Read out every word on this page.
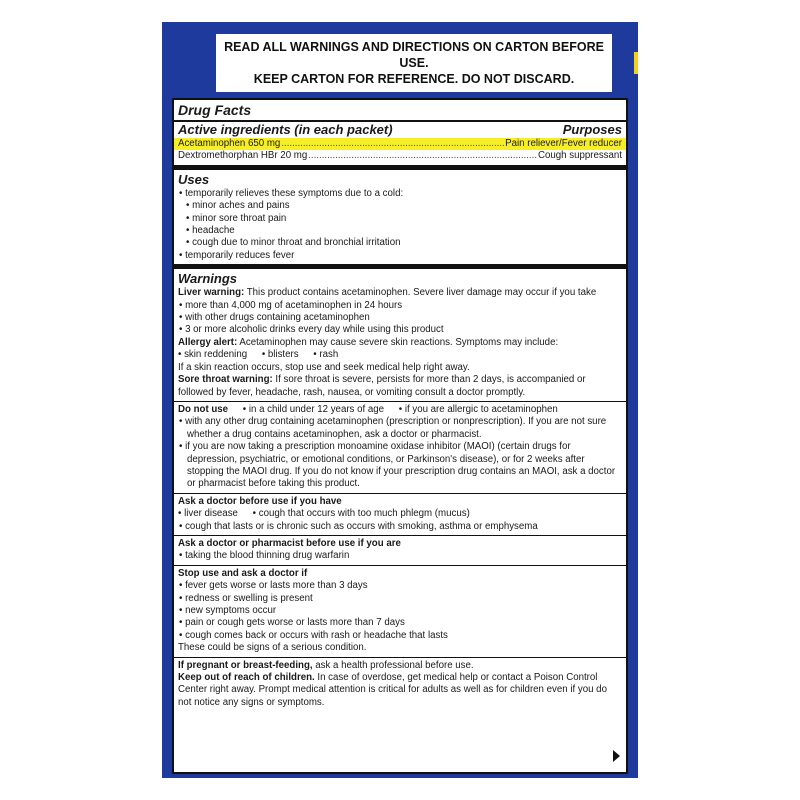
READ ALL WARNINGS AND DIRECTIONS ON CARTON BEFORE USE.
KEEP CARTON FOR REFERENCE. DO NOT DISCARD.
Drug Facts
Active ingredients (in each packet)	Purposes
Acetaminophen 650 mg .....	Pain reliever/Fever reducer
Dextromethorphan HBr 20 mg .....	Cough suppressant
Uses
• temporarily relieves these symptoms due to a cold:
• minor aches and pains
• minor sore throat pain
• headache
• cough due to minor throat and bronchial irritation
• temporarily reduces fever
Warnings
Liver warning: This product contains acetaminophen. Severe liver damage may occur if you take
• more than 4,000 mg of acetaminophen in 24 hours
• with other drugs containing acetaminophen
• 3 or more alcoholic drinks every day while using this product
Allergy alert: Acetaminophen may cause severe skin reactions. Symptoms may include:
• skin reddening • blisters • rash
If a skin reaction occurs, stop use and seek medical help right away.
Sore throat warning: If sore throat is severe, persists for more than 2 days, is accompanied or followed by fever, headache, rash, nausea, or vomiting consult a doctor promptly.
Do not use • in a child under 12 years of age • if you are allergic to acetaminophen
• with any other drug containing acetaminophen (prescription or nonprescription). If you are not sure whether a drug contains acetaminophen, ask a doctor or pharmacist.
• if you are now taking a prescription monoamine oxidase inhibitor (MAOI) (certain drugs for depression, psychiatric, or emotional conditions, or Parkinson's disease), or for 2 weeks after stopping the MAOI drug. If you do not know if your prescription drug contains an MAOI, ask a doctor or pharmacist before taking this product.
Ask a doctor before use if you have
• liver disease • cough that occurs with too much phlegm (mucus)
• cough that lasts or is chronic such as occurs with smoking, asthma or emphysema
Ask a doctor or pharmacist before use if you are
• taking the blood thinning drug warfarin
Stop use and ask a doctor if
• fever gets worse or lasts more than 3 days
• redness or swelling is present
• new symptoms occur
• pain or cough gets worse or lasts more than 7 days
• cough comes back or occurs with rash or headache that lasts
These could be signs of a serious condition.
If pregnant or breast-feeding, ask a health professional before use.
Keep out of reach of children. In case of overdose, get medical help or contact a Poison Control Center right away. Prompt medical attention is critical for adults as well as for children even if you do not notice any signs or symptoms.
